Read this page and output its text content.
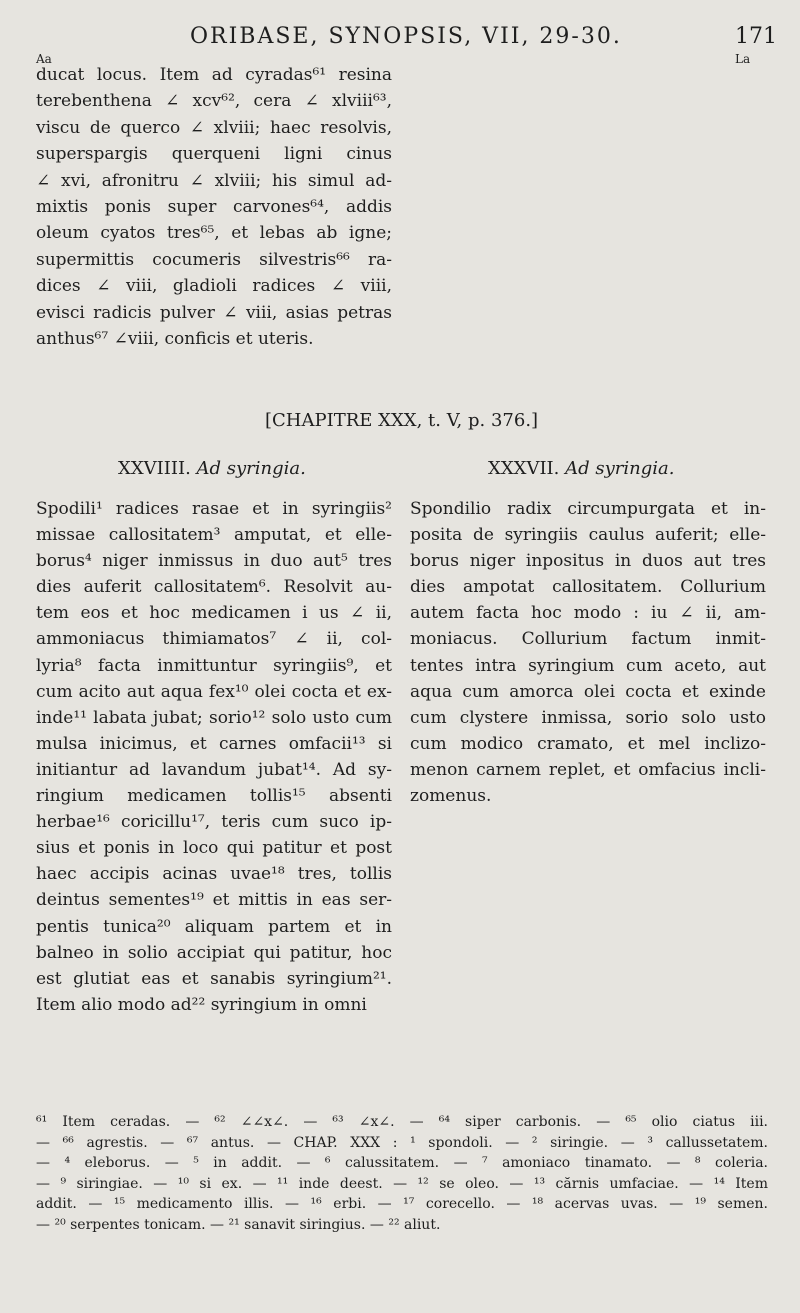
ORIBASE, SYNOPSIS, VII, 29-30.	171
Aa	La
ducat locus. Item ad cyradas⁶¹ resina
terebenthena ∠ xcv⁶², cera ∠ xlviii⁶³,
viscu de querco ∠ xlviii; haec resolvis,
superspargis querqueni ligni cinus
∠ xvi, afronitru ∠ xlviii; his simul ad-
mixtis ponis super carvones⁶⁴, addis
oleum cyatos tres⁶⁵, et lebas ab igne;
supermittis cocumeris silvestris⁶⁶ ra-
dices ∠ viii, gladioli radices ∠ viii,
evisci radicis pulver ∠ viii, asias petras
anthus⁶⁷ ∠viii, conficis et uteris.
[CHAPITRE XXX, t. V, p. 376.]
XXVIIII. Ad syringia.	XXXVII. Ad syringia.
Spodili¹ radices rasae et in syringiis²
missae callositatem³ amputat, et elle-
borus⁴ niger inmissus in duo aut⁵ tres
dies auferit callositatem⁶. Resolvit au-
tem eos et hoc medicamen i us ∠ ii,
ammoniacus thimiamatos⁷ ∠ ii, col-
lyria⁸ facta inmittuntur syringiis⁹, et
cum acito aut aqua fex¹⁰ olei cocta et ex-
inde¹¹ labata jubat; sorio¹² solo usto cum
mulsa inicimus, et carnes omfacii¹³ si
initiantur ad lavandum jubat¹⁴. Ad sy-
ringium medicamen tollis¹⁵ absenti
herbae¹⁶ coricillu¹⁷, teris cum suco ip-
sius et ponis in loco qui patitur et post
haec accipis acinas uvae¹⁸ tres, tollis
deintus sementes¹⁹ et mittis in eas ser-
pentis tunica²⁰ aliquam partem et in
balneo in solio accipiat qui patitur, hoc
est glutiat eas et sanabis syringium²¹.
Item alio modo ad²² syringium in omni
Spondilio radix circumpurgata et in-
posita de syringiis caulus auferit; elle-
borus niger inpositus in duos aut tres
dies ampotat callositatem. Collurium
autem facta hoc modo : iu ∠ ii, am-
moniacus. Collurium factum inmit-
tentes intra syringium cum aceto, aut
aqua cum amorca olei cocta et exinde
cum clystere inmissa, sorio solo usto
cum modico cramato, et mel inclizo-
menon carnem replet, et omfacius incli-
zomenus.
⁶¹ Item ceradas. — ⁶² ∠∠x∠. — ⁶³ ∠x∠. — ⁶⁴ siper carbonis. — ⁶⁵ olio ciatus iii.
— ⁶⁶ agrestis. — ⁶⁷ antus. — CHAP. XXX : ¹ spondoli. — ² siringie. — ³ callussetatem.
— ⁴ eleborus. — ⁵ in addit. — ⁶ calussitatem. — ⁷ amoniaco tinamato. — ⁸ coleria.
— ⁹ siringiae. — ¹⁰ si ex. — ¹¹ inde deest. — ¹² se oleo. — ¹³ cărnis umfaciae. — ¹⁴ Item
addit. — ¹⁵ medicamento illis. — ¹⁶ erbi. — ¹⁷ corecello. — ¹⁸ acervas uvas. — ¹⁹ semen.
— ²⁰ serpentes tonicam. — ²¹ sanavit siringius. — ²² aliut.
